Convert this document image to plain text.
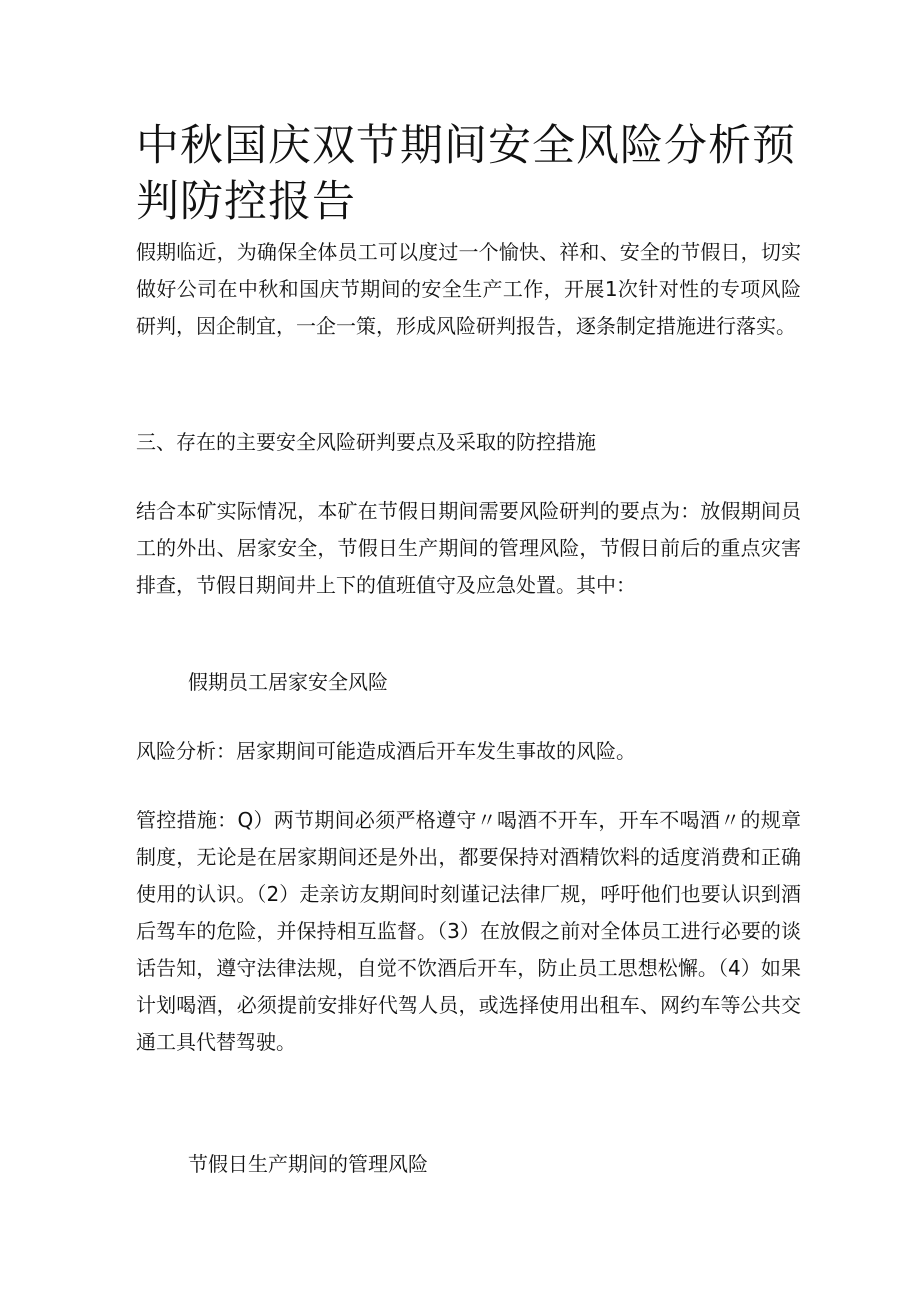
中秋国庆双节期间安全风险分析预判防控报告

假期临近，为确保全体员工可以度过一个愉快、祥和、安全的节假日，切实做好公司在中秋和国庆节期间的安全生产工作，开展1次针对性的专项风险研判，因企制宜，一企一策，形成风险研判报告，逐条制定措施进行落实。

三、存在的主要安全风险研判要点及采取的防控措施

结合本矿实际情况，本矿在节假日期间需要风险研判的要点为：放假期间员工的外出、居家安全，节假日生产期间的管理风险，节假日前后的重点灾害排查，节假日期间井上下的值班值守及应急处置。其中：

假期员工居家安全风险

风险分析：居家期间可能造成酒后开车发生事故的风险。

管控措施：Q）两节期间必须严格遵守〃喝酒不开车，开车不喝酒〃的规章制度，无论是在居家期间还是外出，都要保持对酒精饮料的适度消费和正确使用的认识。（2）走亲访友期间时刻谨记法律厂规，呼吁他们也要认识到酒后驾车的危险，并保持相互监督。（3）在放假之前对全体员工进行必要的谈话告知，遵守法律法规，自觉不饮酒后开车，防止员工思想松懈。（4）如果计划喝酒，必须提前安排好代驾人员，或选择使用出租车、网约车等公共交通工具代替驾驶。

节假日生产期间的管理风险
